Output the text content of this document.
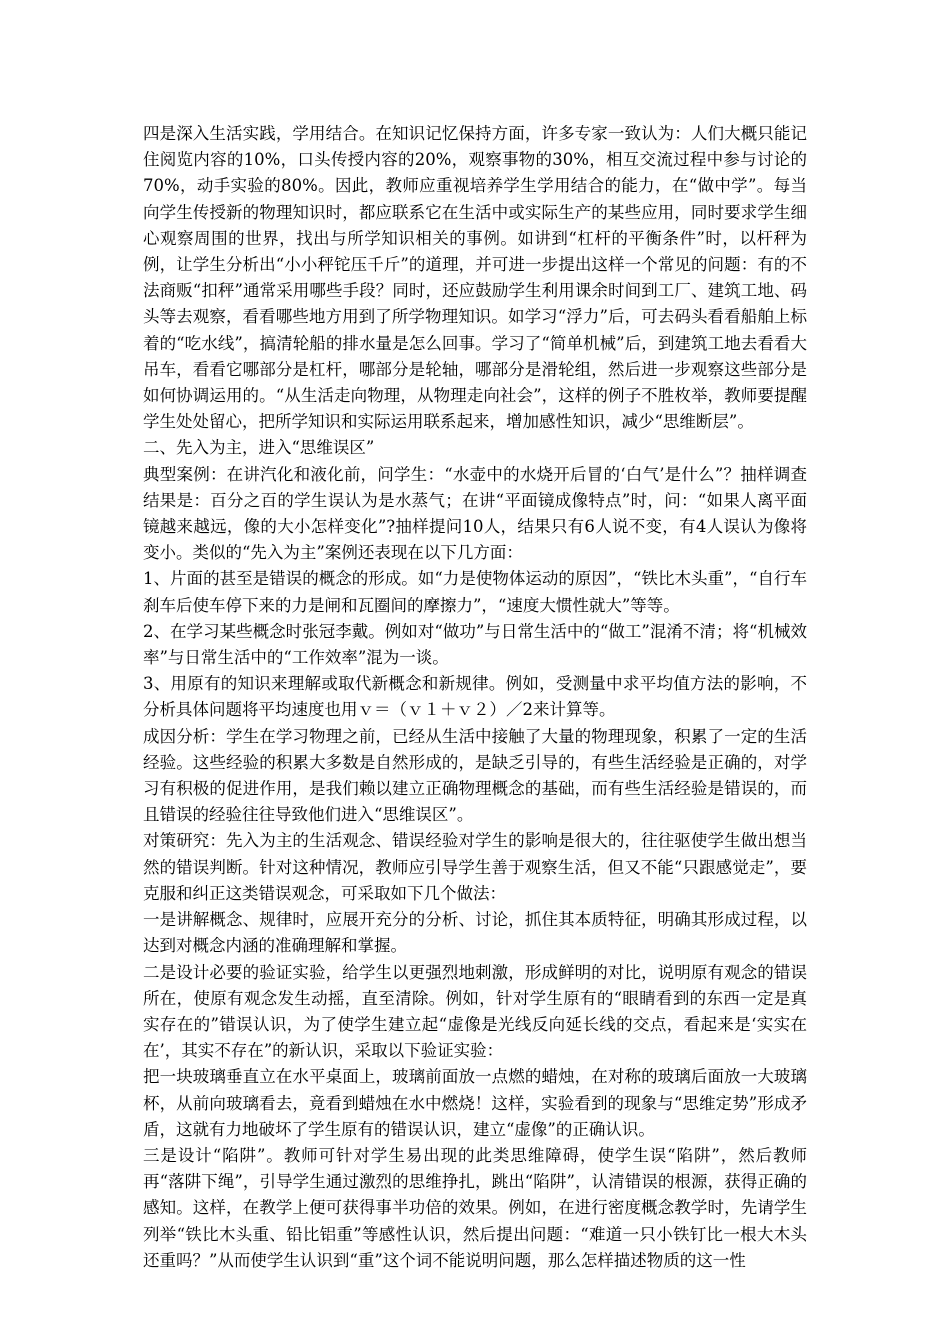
四是深入生活实践，学用结合。在知识记忆保持方面，许多专家一致认为：人们大概只能记住阅览内容的10%，口头传授内容的20%，观察事物的30%，相互交流过程中参与讨论的70%，动手实验的80%。因此，教师应重视培养学生学用结合的能力，在“做中学”。每当向学生传授新的物理知识时，都应联系它在生活中或实际生产的某些应用，同时要求学生细心观察周围的世界，找出与所学知识相关的事例。如讲到“杠杆的平衡条件”时，以杆秤为例，让学生分析出“小小秤铊压千斤”的道理，并可进一步提出这样一个常见的问题：有的不法商贩“扣秤”通常采用哪些手段？同时，还应鼓励学生利用课余时间到工厂、建筑工地、码头等去观察，看看哪些地方用到了所学物理知识。如学习“浮力”后，可去码头看看船舶上标着的“吃水线”，搞清轮船的排水量是怎么回事。学习了“简单机械”后，到建筑工地去看看大吊车，看看它哪部分是杠杆，哪部分是轮轴，哪部分是滑轮组，然后进一步观察这些部分是如何协调运用的。“从生活走向物理，从物理走向社会”，这样的例子不胜枚举，教师要提醒学生处处留心，把所学知识和实际运用联系起来，增加感性知识，减少“思维断层”。

二、先入为主，进入“思维误区”

典型案例：在讲汽化和液化前，问学生：“水壶中的水烧开后冒的‘白气’是什么”？抽样调查结果是：百分之百的学生误认为是水蒸气；在讲“平面镜成像特点”时，问：“如果人离平面镜越来越远，像的大小怎样变化”?抽样提问10人，结果只有6人说不变，有4人误认为像将变小。类似的“先入为主”案例还表现在以下几方面：

1、片面的甚至是错误的概念的形成。如“力是使物体运动的原因”，“铁比木头重”，“自行车刹车后使车停下来的力是闸和瓦圈间的摩擦力”，“速度大惯性就大”等等。

2、在学习某些概念时张冠李戴。例如对“做功”与日常生活中的“做工”混淆不清；将“机械效率”与日常生活中的“工作效率”混为一谈。

3、用原有的知识来理解或取代新概念和新规律。例如，受测量中求平均值方法的影响，不分析具体问题将平均速度也用ｖ＝（ｖ１＋ｖ２）／2来计算等。

成因分析：学生在学习物理之前，已经从生活中接触了大量的物理现象，积累了一定的生活经验。这些经验的积累大多数是自然形成的，是缺乏引导的，有些生活经验是正确的，对学习有积极的促进作用，是我们赖以建立正确物理概念的基础，而有些生活经验是错误的，而且错误的经验往往导致他们进入“思维误区”。

对策研究：先入为主的生活观念、错误经验对学生的影响是很大的，往往驱使学生做出想当然的错误判断。针对这种情况，教师应引导学生善于观察生活，但又不能“只跟感觉走”，要克服和纠正这类错误观念，可采取如下几个做法：

一是讲解概念、规律时，应展开充分的分析、讨论，抓住其本质特征，明确其形成过程，以达到对概念内涵的准确理解和掌握。

二是设计必要的验证实验，给学生以更强烈地刺激，形成鲜明的对比，说明原有观念的错误所在，使原有观念发生动摇，直至清除。例如，针对学生原有的“眼睛看到的东西一定是真实存在的”错误认识，为了使学生建立起“虚像是光线反向延长线的交点，看起来是‘实实在在’，其实不存在”的新认识，采取以下验证实验：

把一块玻璃垂直立在水平桌面上，玻璃前面放一点燃的蜡烛，在对称的玻璃后面放一大玻璃杯，从前向玻璃看去，竟看到蜡烛在水中燃烧！这样，实验看到的现象与“思维定势”形成矛盾，这就有力地破坏了学生原有的错误认识，建立“虚像”的正确认识。

三是设计“陷阱”。教师可针对学生易出现的此类思维障碍，使学生误“陷阱”，然后教师再“落阱下绳”，引导学生通过激烈的思维挣扎，跳出“陷阱”，认清错误的根源，获得正确的感知。这样，在教学上便可获得事半功倍的效果。例如，在进行密度概念教学时，先请学生列举“铁比木头重、铅比铝重”等感性认识，然后提出问题：“难道一只小铁钉比一根大木头还重吗？”从而使学生认识到“重”这个词不能说明问题，那么怎样描述物质的这一性
